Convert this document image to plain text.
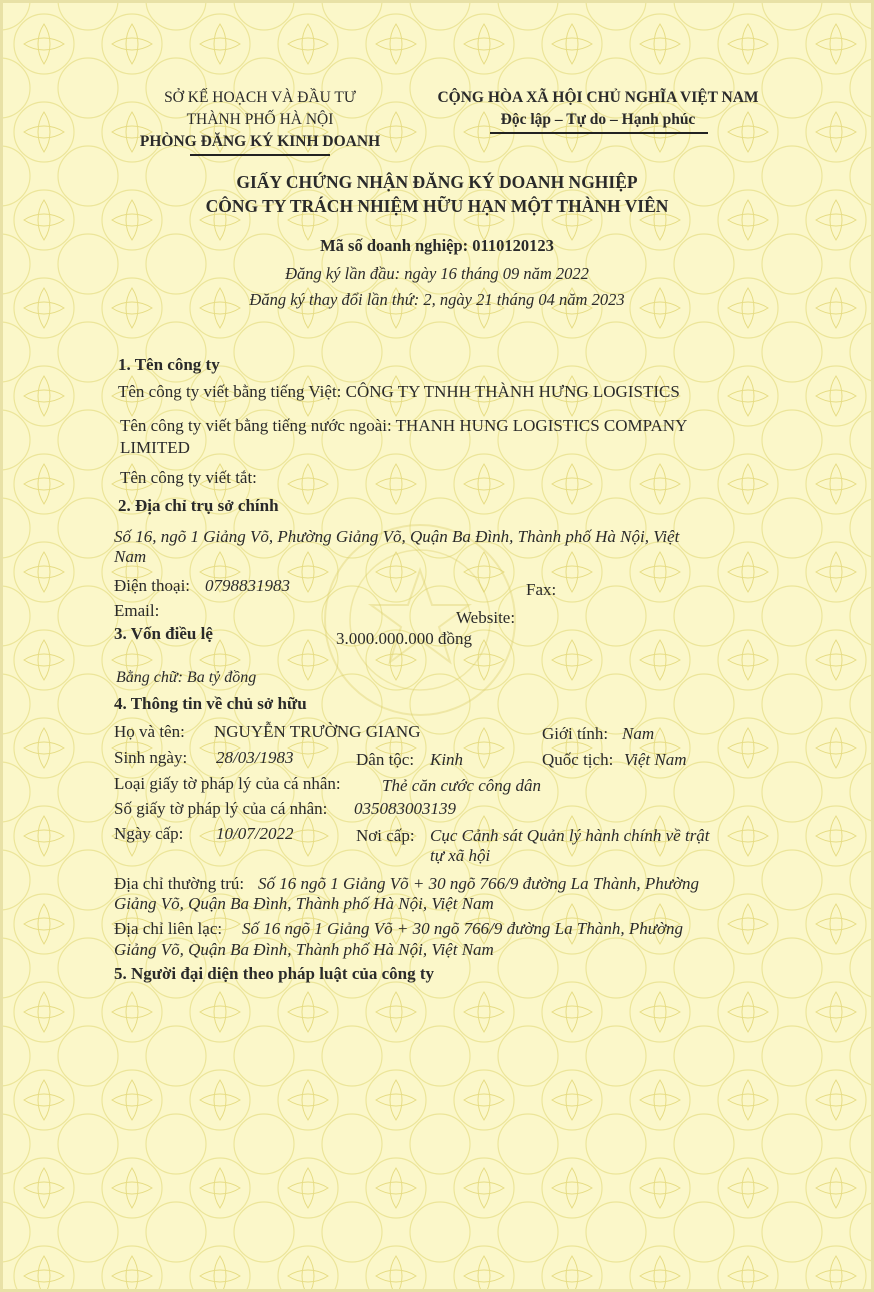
SỞ KẾ HOẠCH VÀ ĐẦU TƯ
THÀNH PHỐ HÀ NỘI
PHÒNG ĐĂNG KÝ KINH DOANH
CỘNG HÒA XÃ HỘI CHỦ NGHĨA VIỆT NAM
Độc lập – Tự do – Hạnh phúc
GIẤY CHỨNG NHẬN ĐĂNG KÝ DOANH NGHIỆP
CÔNG TY TRÁCH NHIỆM HỮU HẠN MỘT THÀNH VIÊN
Mã số doanh nghiệp: 0110120123
Đăng ký lần đầu: ngày 16 tháng 09 năm 2022
Đăng ký thay đổi lần thứ: 2, ngày 21 tháng 04 năm 2023
1. Tên công ty
Tên công ty viết bằng tiếng Việt: CÔNG TY TNHH THÀNH HƯNG LOGISTICS
Tên công ty viết bằng tiếng nước ngoài: THANH HUNG LOGISTICS COMPANY
LIMITED
Tên công ty viết tắt:
2. Địa chỉ trụ sở chính
Số 16, ngõ 1 Giảng Võ, Phường Giảng Võ, Quận Ba Đình, Thành phố Hà Nội, Việt
Nam
Điện thoại: 0798831983	Fax:
Email:	Website:
3. Vốn điều lệ	3.000.000.000 đồng
Bằng chữ: Ba tỷ đồng
4. Thông tin về chủ sở hữu
Họ và tên: NGUYỄN TRƯỜNG GIANG	Giới tính: Nam
Sinh ngày: 28/03/1983	Dân tộc: Kinh	Quốc tịch: Việt Nam
Loại giấy tờ pháp lý của cá nhân: Thẻ căn cước công dân
Số giấy tờ pháp lý của cá nhân: 035083003139
Ngày cấp: 10/07/2022	Nơi cấp: Cục Cảnh sát Quản lý hành chính về trật
tự xã hội
Địa chỉ thường trú: Số 16 ngõ 1 Giảng Võ + 30 ngõ 766/9 đường La Thành, Phường
Giảng Võ, Quận Ba Đình, Thành phố Hà Nội, Việt Nam
Địa chỉ liên lạc: Số 16 ngõ 1 Giảng Võ + 30 ngõ 766/9 đường La Thành, Phường
Giảng Võ, Quận Ba Đình, Thành phố Hà Nội, Việt Nam
5. Người đại diện theo pháp luật của công ty
